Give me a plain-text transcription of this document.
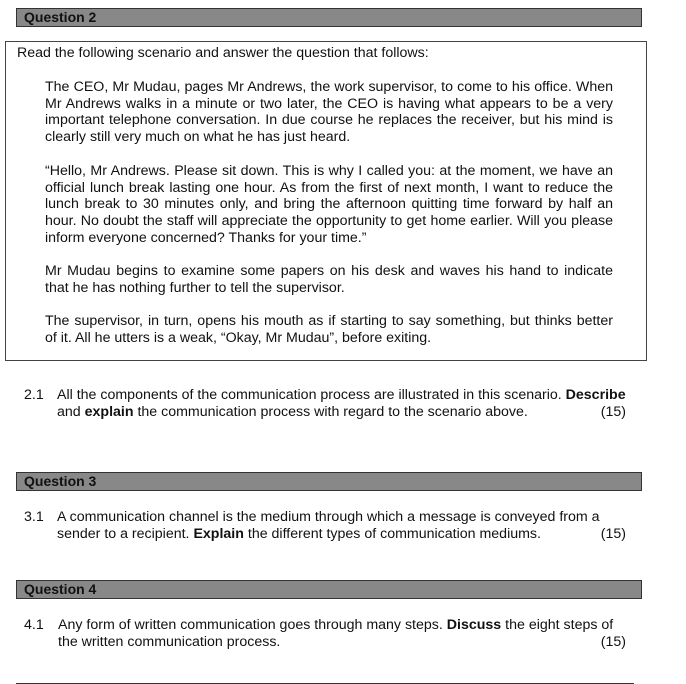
Question 2
Read the following scenario and answer the question that follows:
The CEO, Mr Mudau, pages Mr Andrews, the work supervisor, to come to his office. When Mr Andrews walks in a minute or two later, the CEO is having what appears to be a very important telephone conversation. In due course he replaces the receiver, but his mind is clearly still very much on what he has just heard.
“Hello, Mr Andrews. Please sit down. This is why I called you: at the moment, we have an official lunch break lasting one hour. As from the first of next month, I want to reduce the lunch break to 30 minutes only, and bring the afternoon quitting time forward by half an hour. No doubt the staff will appreciate the opportunity to get home earlier. Will you please inform everyone concerned? Thanks for your time.”
Mr Mudau begins to examine some papers on his desk and waves his hand to indicate that he has nothing further to tell the supervisor.
The supervisor, in turn, opens his mouth as if starting to say something, but thinks better of it. All he utters is a weak, “Okay, Mr Mudau”, before exiting.
2.1 All the components of the communication process are illustrated in this scenario. Describe and explain the communication process with regard to the scenario above.	(15)
Question 3
3.1 A communication channel is the medium through which a message is conveyed from a sender to a recipient. Explain the different types of communication mediums.	(15)
Question 4
4.1 Any form of written communication goes through many steps. Discuss the eight steps of the written communication process.	(15)
